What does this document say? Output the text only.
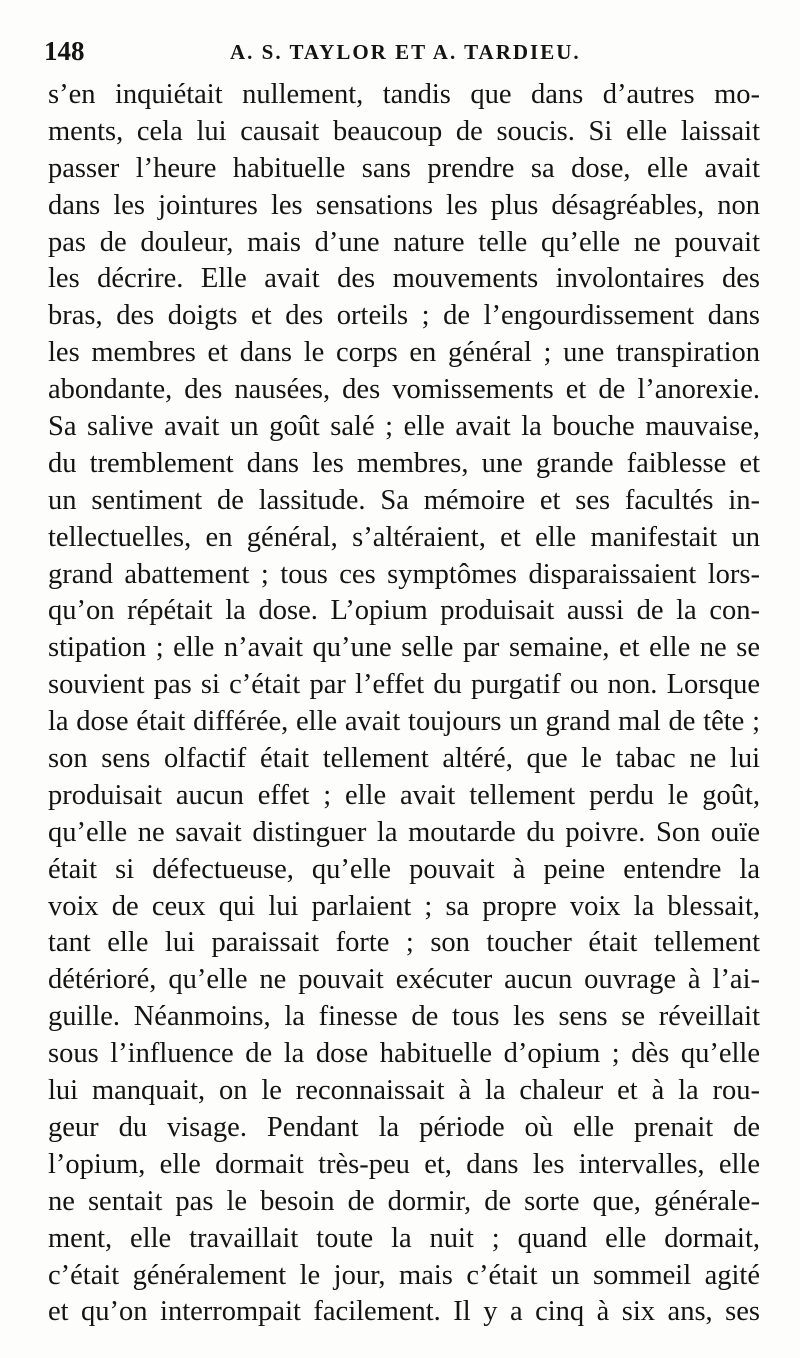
148	A. S. TAYLOR ET A. TARDIEU.
s’en inquiétait nullement, tandis que dans d’autres mo-
ments, cela lui causait beaucoup de soucis. Si elle laissait
passer l’heure habituelle sans prendre sa dose, elle avait
dans les jointures les sensations les plus désagréables, non
pas de douleur, mais d’une nature telle qu’elle ne pouvait
les décrire. Elle avait des mouvements involontaires des
bras, des doigts et des orteils ; de l’engourdissement dans
les membres et dans le corps en général ; une transpiration
abondante, des nausées, des vomissements et de l’anorexie.
Sa salive avait un goût salé ; elle avait la bouche mauvaise,
du tremblement dans les membres, une grande faiblesse et
un sentiment de lassitude. Sa mémoire et ses facultés in-
tellectuelles, en général, s’altéraient, et elle manifestait un
grand abattement ; tous ces symptômes disparaissaient lors-
qu’on répétait la dose. L’opium produisait aussi de la con-
stipation ; elle n’avait qu’une selle par semaine, et elle ne se
souvient pas si c’était par l’effet du purgatif ou non. Lorsque
la dose était différée, elle avait toujours un grand mal de tête ;
son sens olfactif était tellement altéré, que le tabac ne lui
produisait aucun effet ; elle avait tellement perdu le goût,
qu’elle ne savait distinguer la moutarde du poivre. Son ouïe
était si défectueuse, qu’elle pouvait à peine entendre la
voix de ceux qui lui parlaient ; sa propre voix la blessait,
tant elle lui paraissait forte ; son toucher était tellement
détérioré, qu’elle ne pouvait exécuter aucun ouvrage à l’ai-
guille. Néanmoins, la finesse de tous les sens se réveillait
sous l’influence de la dose habituelle d’opium ; dès qu’elle
lui manquait, on le reconnaissait à la chaleur et à la rou-
geur du visage. Pendant la période où elle prenait de
l’opium, elle dormait très-peu et, dans les intervalles, elle
ne sentait pas le besoin de dormir, de sorte que, générale-
ment, elle travaillait toute la nuit ; quand elle dormait,
c’était généralement le jour, mais c’était un sommeil agité
et qu’on interrompait facilement. Il y a cinq à six ans, ses
